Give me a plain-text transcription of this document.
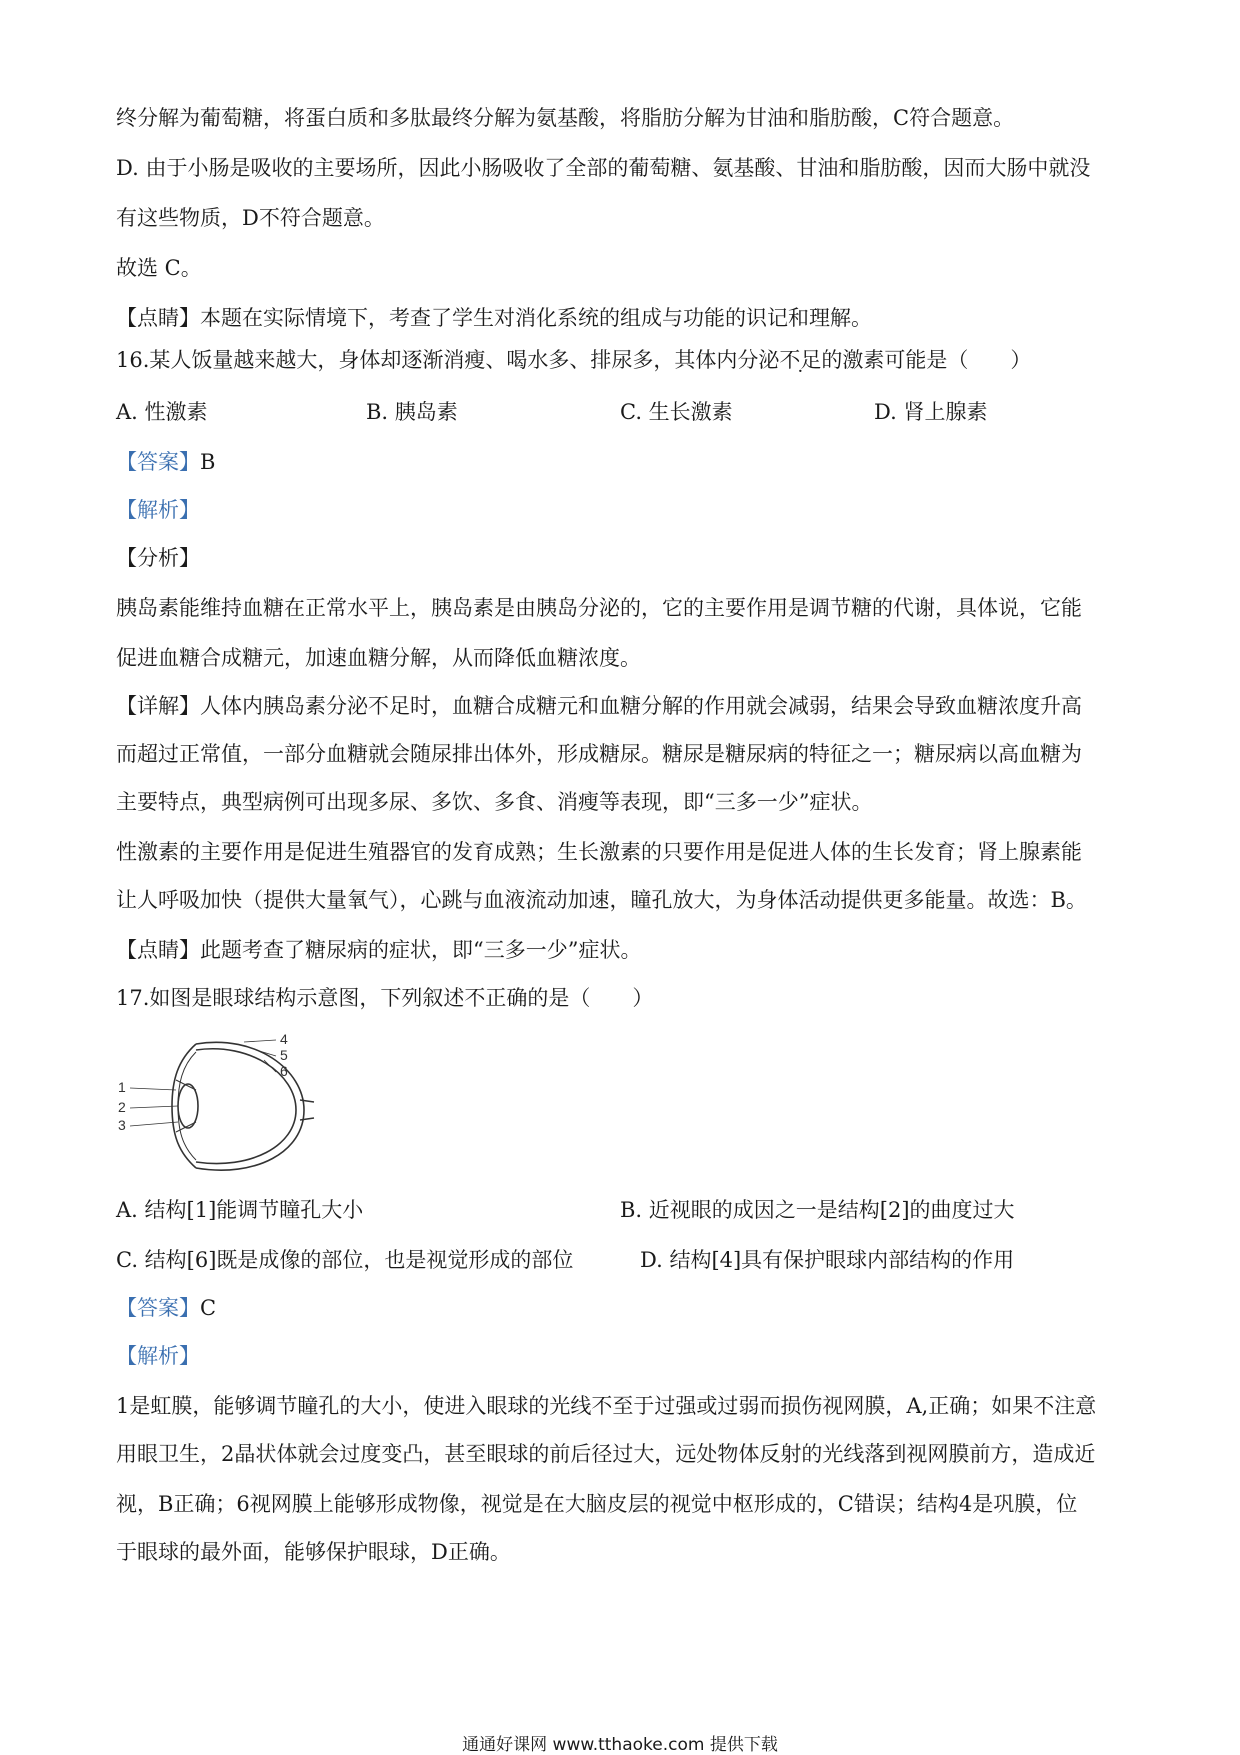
终分解为葡萄糖，将蛋白质和多肽最终分解为氨基酸，将脂肪分解为甘油和脂肪酸，C符合题意。
D. 由于小肠是吸收的主要场所，因此小肠吸收了全部的葡萄糖、氨基酸、甘油和脂肪酸，因而大肠中就没
有这些物质，D不符合题意。
故选 C。
【点睛】本题在实际情境下，考查了学生对消化系统的组成与功能的识记和理解。
16.某人饭量越来越大，身体却逐渐消瘦、喝水多、排尿多，其体内分泌不足的激素可能是（　　）
A. 性激素	B. 胰岛素	C. 生长激素	D. 肾上腺素
【答案】B
【解析】
【分析】
胰岛素能维持血糖在正常水平上，胰岛素是由胰岛分泌的，它的主要作用是调节糖的代谢，具体说，它能
促进血糖合成糖元，加速血糖分解，从而降低血糖浓度。
【详解】人体内胰岛素分泌不足时，血糖合成糖元和血糖分解的作用就会减弱，结果会导致血糖浓度升高
而超过正常值，一部分血糖就会随尿排出体外，形成糖尿。糖尿是糖尿病的特征之一；糖尿病以高血糖为
主要特点，典型病例可出现多尿、多饮、多食、消瘦等表现，即“三多一少”症状。
性激素的主要作用是促进生殖器官的发育成熟；生长激素的只要作用是促进人体的生长发育；肾上腺素能
让人呼吸加快（提供大量氧气），心跳与血液流动加速，瞳孔放大，为身体活动提供更多能量。故选：B。
【点睛】此题考查了糖尿病的症状，即“三多一少”症状。
17.如图是眼球结构示意图，下列叙述不正确的是（　　）
1
2
3
4
5
6
A. 结构[1]能调节瞳孔大小	B. 近视眼的成因之一是结构[2]的曲度过大
C. 结构[6]既是成像的部位，也是视觉形成的部位	D. 结构[4]具有保护眼球内部结构的作用
【答案】C
【解析】
1是虹膜，能够调节瞳孔的大小，使进入眼球的光线不至于过强或过弱而损伤视网膜，A,正确；如果不注意
用眼卫生，2晶状体就会过度变凸，甚至眼球的前后径过大，远处物体反射的光线落到视网膜前方，造成近
视，B正确；6视网膜上能够形成物像，视觉是在大脑皮层的视觉中枢形成的，C错误；结构4是巩膜，位
于眼球的最外面，能够保护眼球，D正确。
通通好课网 www.tthaoke.com 提供下载
